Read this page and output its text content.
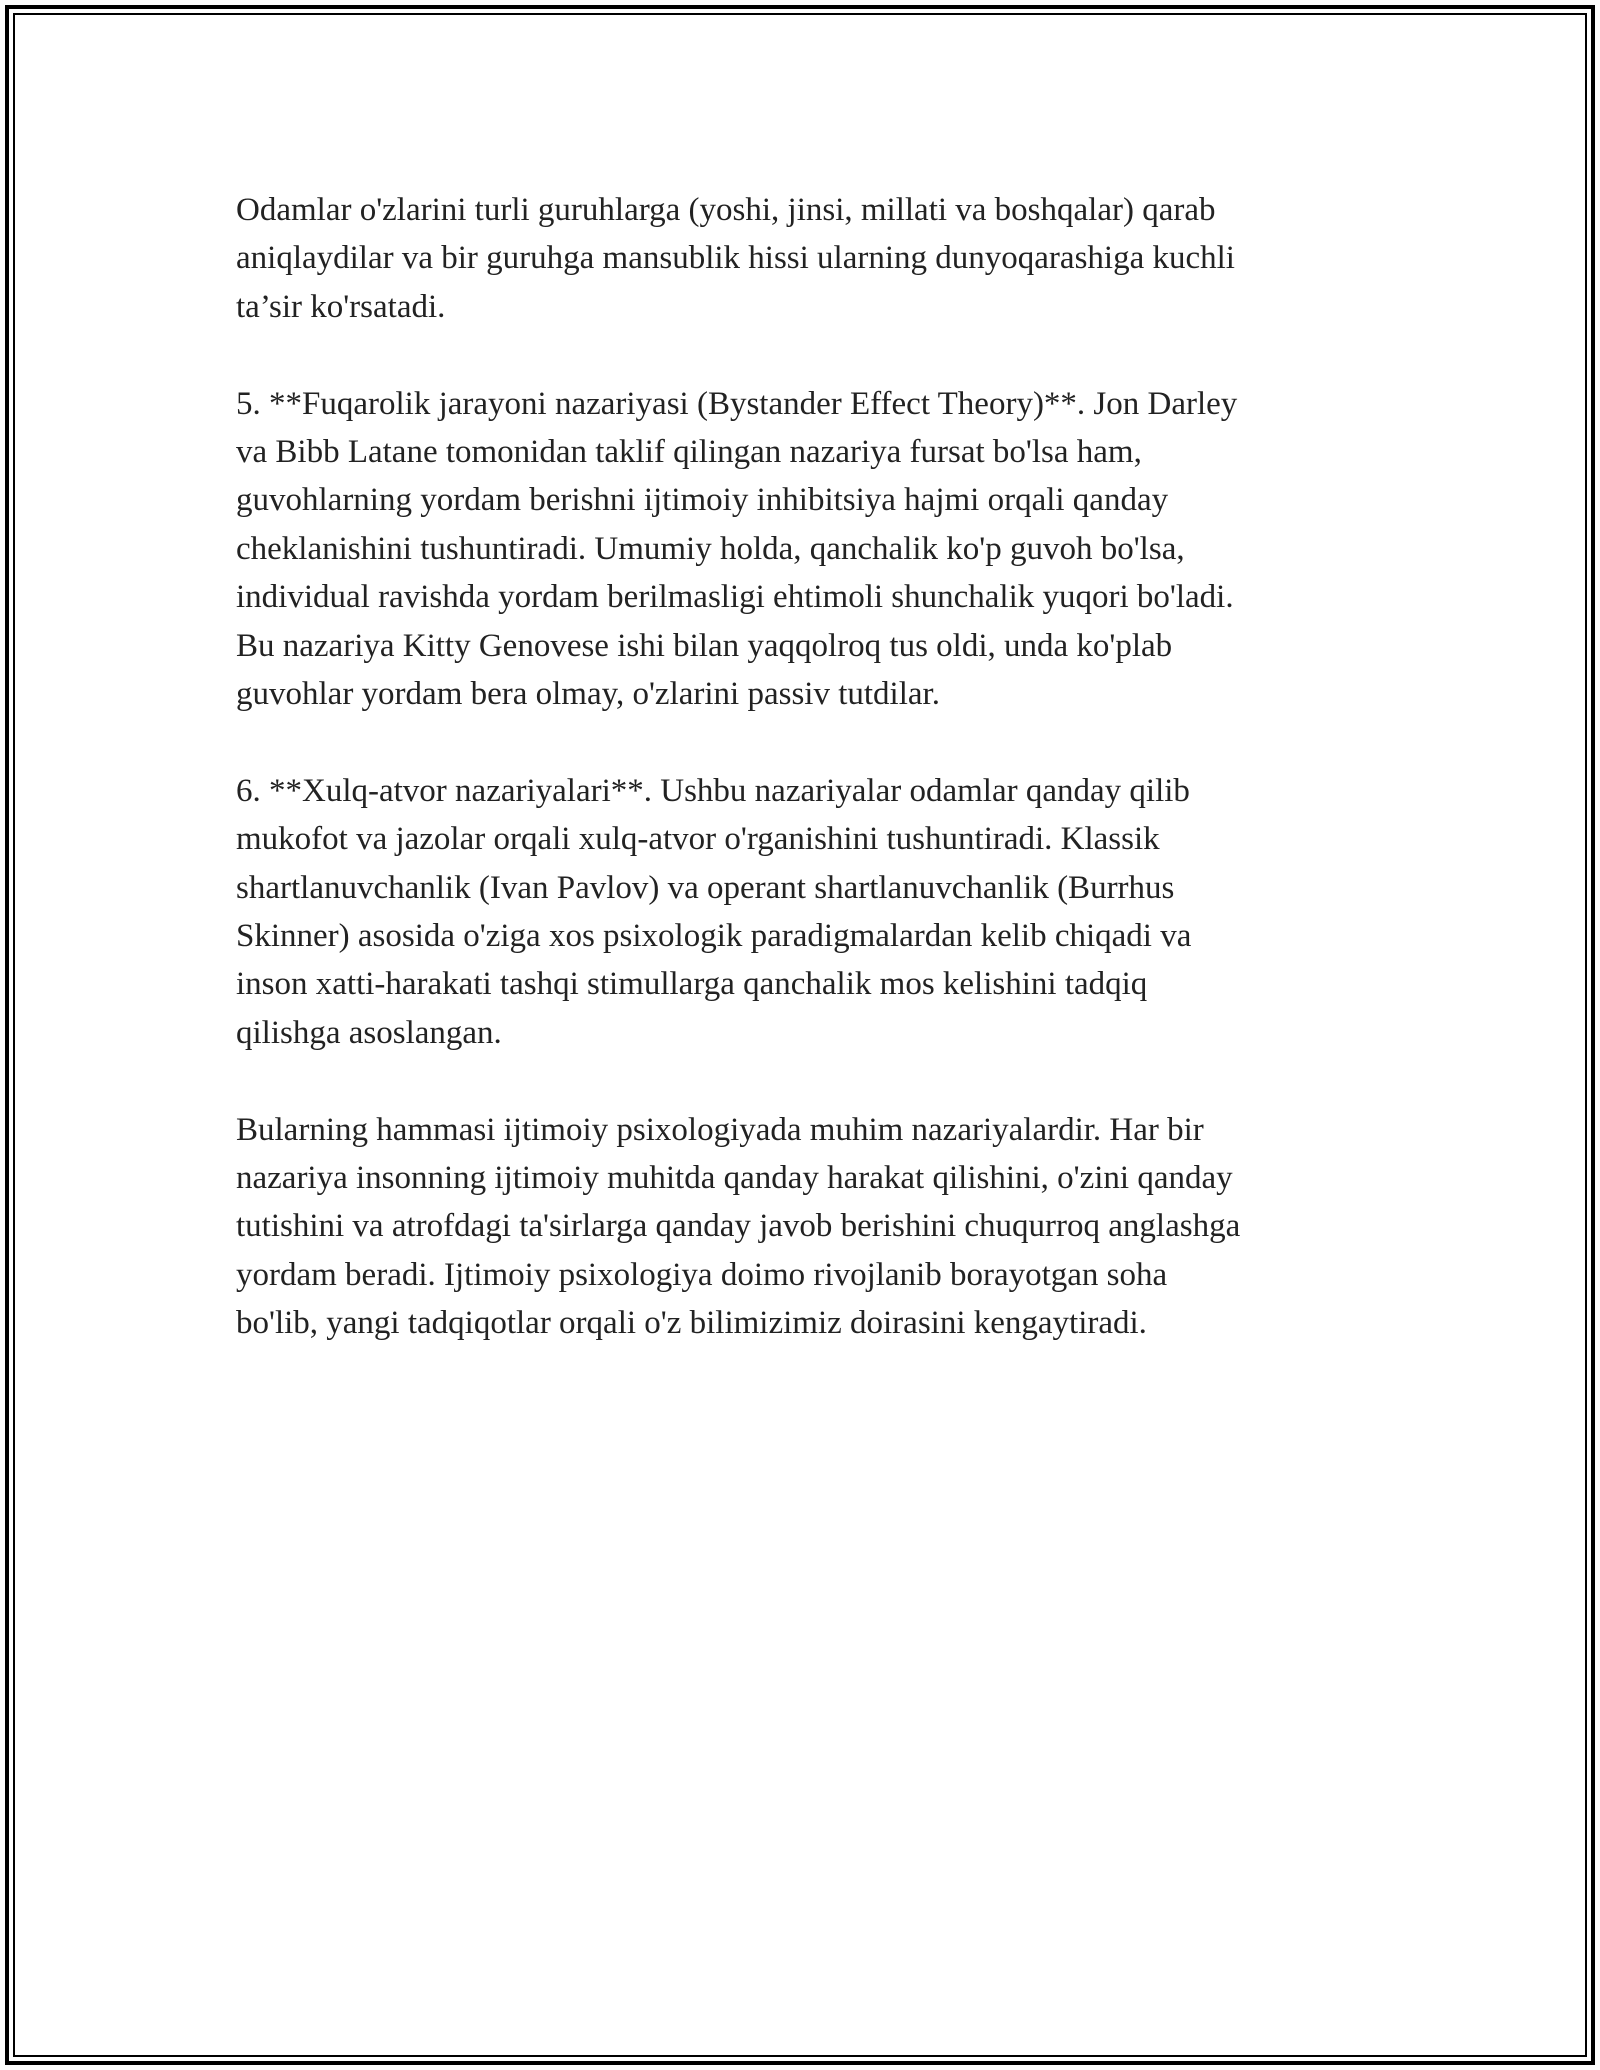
Odamlar o'zlarini turli guruhlarga (yoshi, jinsi, millati va boshqalar) qarab
aniqlaydilar va bir guruhga mansublik hissi ularning dunyoqarashiga kuchli
ta’sir ko'rsatadi.

5. **Fuqarolik jarayoni nazariyasi (Bystander Effect Theory)**. Jon Darley
va Bibb Latane tomonidan taklif qilingan nazariya fursat bo'lsa ham,
guvohlarning yordam berishni ijtimoiy inhibitsiya hajmi orqali qanday
cheklanishini tushuntiradi. Umumiy holda, qanchalik ko'p guvoh bo'lsa,
individual ravishda yordam berilmasligi ehtimoli shunchalik yuqori bo'ladi.
Bu nazariya Kitty Genovese ishi bilan yaqqolroq tus oldi, unda ko'plab
guvohlar yordam bera olmay, o'zlarini passiv tutdilar.

6. **Xulq-atvor nazariyalari**. Ushbu nazariyalar odamlar qanday qilib
mukofot va jazolar orqali xulq-atvor o'rganishini tushuntiradi. Klassik
shartlanuvchanlik (Ivan Pavlov) va operant shartlanuvchanlik (Burrhus
Skinner) asosida o'ziga xos psixologik paradigmalardan kelib chiqadi va
inson xatti-harakati tashqi stimullarga qanchalik mos kelishini tadqiq
qilishga asoslangan.

Bularning hammasi ijtimoiy psixologiyada muhim nazariyalardir. Har bir
nazariya insonning ijtimoiy muhitda qanday harakat qilishini, o'zini qanday
tutishini va atrofdagi ta'sirlarga qanday javob berishini chuqurroq anglashga
yordam beradi. Ijtimoiy psixologiya doimo rivojlanib borayotgan soha
bo'lib, yangi tadqiqotlar orqali o'z bilimizimiz doirasini kengaytiradi.
